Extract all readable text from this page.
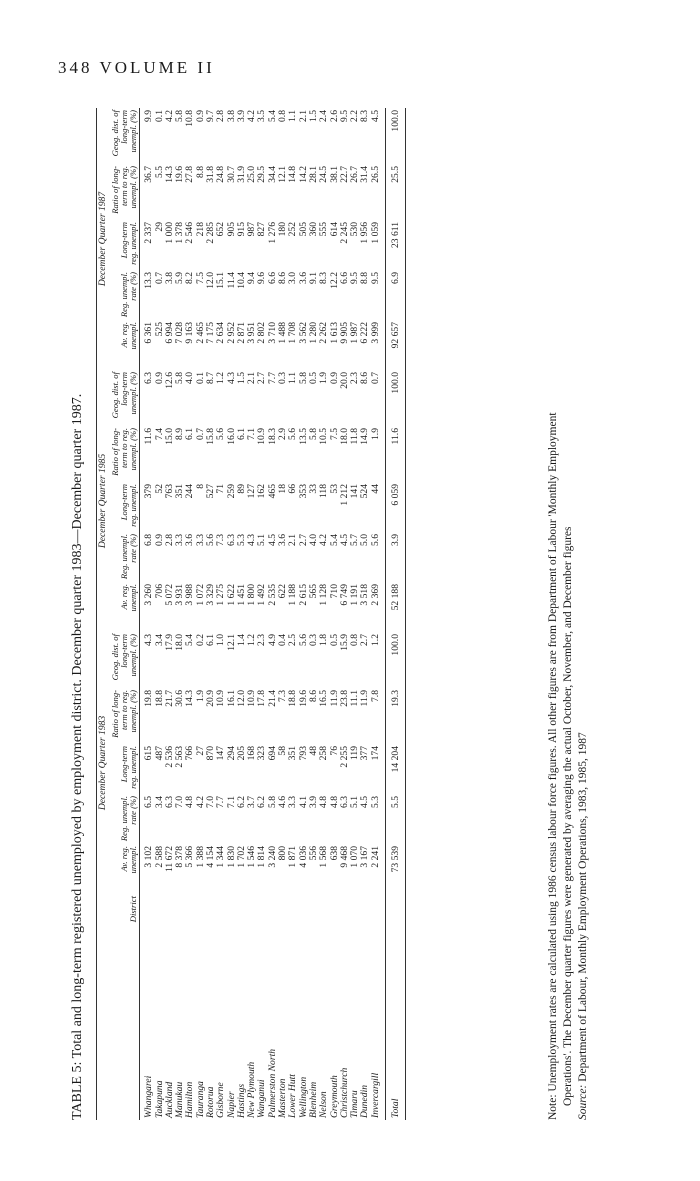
348 VOLUME II
TABLE 5: Total and long-term registered unemployed by employment district. December quarter 1983—December quarter 1987.
	December Quarter 1983					December Quarter 1985					December Quarter 1987				
District	Av. reg. unempl.	Reg. unempl. rate (%)	Long-term reg. unempl.	Ratio of long-term to reg. unempl. (%)	Geog. dist. of long-term unempl. (%)	Av. reg. unempl.	Reg. unempl. rate (%)	Long-term reg. unempl.	Ratio of long-term to reg. unempl. (%)	Geog. dist. of long-term unempl. (%)	Av. reg. unempl.	Reg. unempl. rate (%)	Long-term reg. unempl.	Ratio of long-term to reg. unempl. (%)	Geog. dist. of long-term unempl. (%)
Whangarei	3 102	6.5	615	19.8	4.3	3 260	6.8	379	11.6	6.3	6 361	13.3	2 337	36.7	9.9
Takapuna	2 588	3.4	487	18.8	3.4	706	0.9	52	7.4	0.9	525	0.7	29	5.5	0.1
Auckland	11 672	6.3	2 536	21.7	17.9	5 072	2.8	763	15.0	12.6	6 994	3.8	1 000	14.3	4.2
Manukau	8 378	7.0	2 563	30.6	18.0	3 931	3.3	351	8.9	5.8	7 028	5.9	1 378	19.6	5.8
Hamilton	5 366	4.8	766	14.3	5.4	3 988	3.6	244	6.1	4.0	9 163	8.2	2 546	27.8	10.8
Tauranga	1 388	4.2	27	1.9	0.2	1 072	3.3	8	0.7	0.1	2 465	7.5	218	8.8	0.9
Rotorua	4 154	7.0	870	20.9	6.1	3 329	5.6	527	15.8	8.7	7 175	12.0	2 285	31.8	9.7
Gisborne	1 344	7.7	147	10.9	1.0	1 275	7.3	71	5.6	1.2	2 634	15.1	652	24.8	2.8
Napier	1 830	7.1	294	16.1	12.1	1 622	6.3	259	16.0	4.3	2 952	11.4	905	30.7	3.8
Hastings	1 702	6.2	205	12.0	1.4	1 451	5.3	89	6.1	1.5	2 871	10.4	915	31.9	3.9
New Plymouth	1 546	3.7	168	10.9	1.2	1 800	4.3	127	7.1	2.1	3 951	9.4	987	25.0	4.2
Wanganui	1 814	6.2	323	17.8	2.3	1 492	5.1	162	10.9	2.7	2 802	9.6	827	29.5	3.5
Palmerston North	3 240	5.8	694	21.4	4.9	2 535	4.5	465	18.3	7.7	3 710	6.6	1 276	34.4	5.4
Masterton	800	4.6	58	7.3	0.4	622	3.6	18	2.9	0.3	1 488	8.6	180	12.1	0.8
Lower Hutt	1 871	3.3	351	18.8	2.5	1 188	2.1	66	5.6	1.1	1 708	3.0	252	14.8	1.1
Wellington	4 036	4.1	793	19.6	5.6	2 615	2.7	353	13.5	5.8	3 562	3.6	505	14.2	2.1
Blenheim	556	3.9	48	8.6	0.3	565	4.0	33	5.8	0.5	1 280	9.1	360	28.1	1.5
Nelson	1 568	4.8	258	16.5	1.8	1 128	4.2	118	10.5	1.9	2 262	8.3	555	24.5	2.4
Greymouth	638	4.8	76	11.9	0.5	710	5.4	53	7.5	0.9	1 613	12.2	614	38.1	2.6
Christchurch	9 468	6.3	2 255	23.8	15.9	6 749	4.5	1 212	18.0	20.0	9 905	6.6	2 245	22.7	9.5
Timaru	1 070	5.1	119	11.1	0.8	1 191	5.7	141	11.8	2.3	1 987	9.5	530	26.7	2.2
Dunedin	3 167	4.5	377	11.9	2.7	3 518	5.0	524	14.9	8.6	6 222	8.8	1 956	31.4	8.3
Invercargill	2 241	5.3	174	7.8	1.2	2 369	5.6	44	1.9	0.7	3 999	9.5	1 059	26.5	4.5
Total	73 539	5.5	14 204	19.3	100.0	52 188	3.9	6 059	11.6	100.0	92 657	6.9	23 611	25.5	100.0

Note: Unemployment rates are calculated using 1986 census labour force figures. All other figures are from Department of Labour 'Monthly Employment Operations'. The December quarter figures were generated by averaging the actual October, November, and December figures Source: Department of Labour, Monthly Employment Operations, 1983, 1985, 1987
